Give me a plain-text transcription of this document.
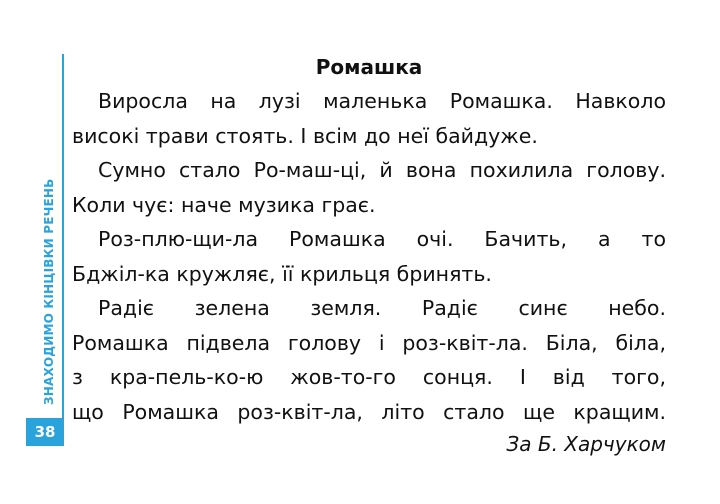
ЗНАХОДИМО КІНЦІВКИ РЕЧЕНЬ
38
Ромашка

Виросла на лузі маленька Ромашка. Навколо
високі трави стоять. І всім до неї байдуже.

Сумно стало Ро-маш-ці, й вона похилила голову.
Коли чує: наче музика грає.

Роз-плю-щи-ла Ромашка очі. Бачить, а то
Бджіл-ка кружляє, її крильця бринять.

Радіє зелена земля. Радіє синє небо.
Ромашка підвела голову і роз-квіт-ла. Біла, біла,
з кра-пель-ко-ю жов-то-го сонця. І від того,
що Ромашка роз-квіт-ла, літо стало ще кращим.

За Б. Харчуком
